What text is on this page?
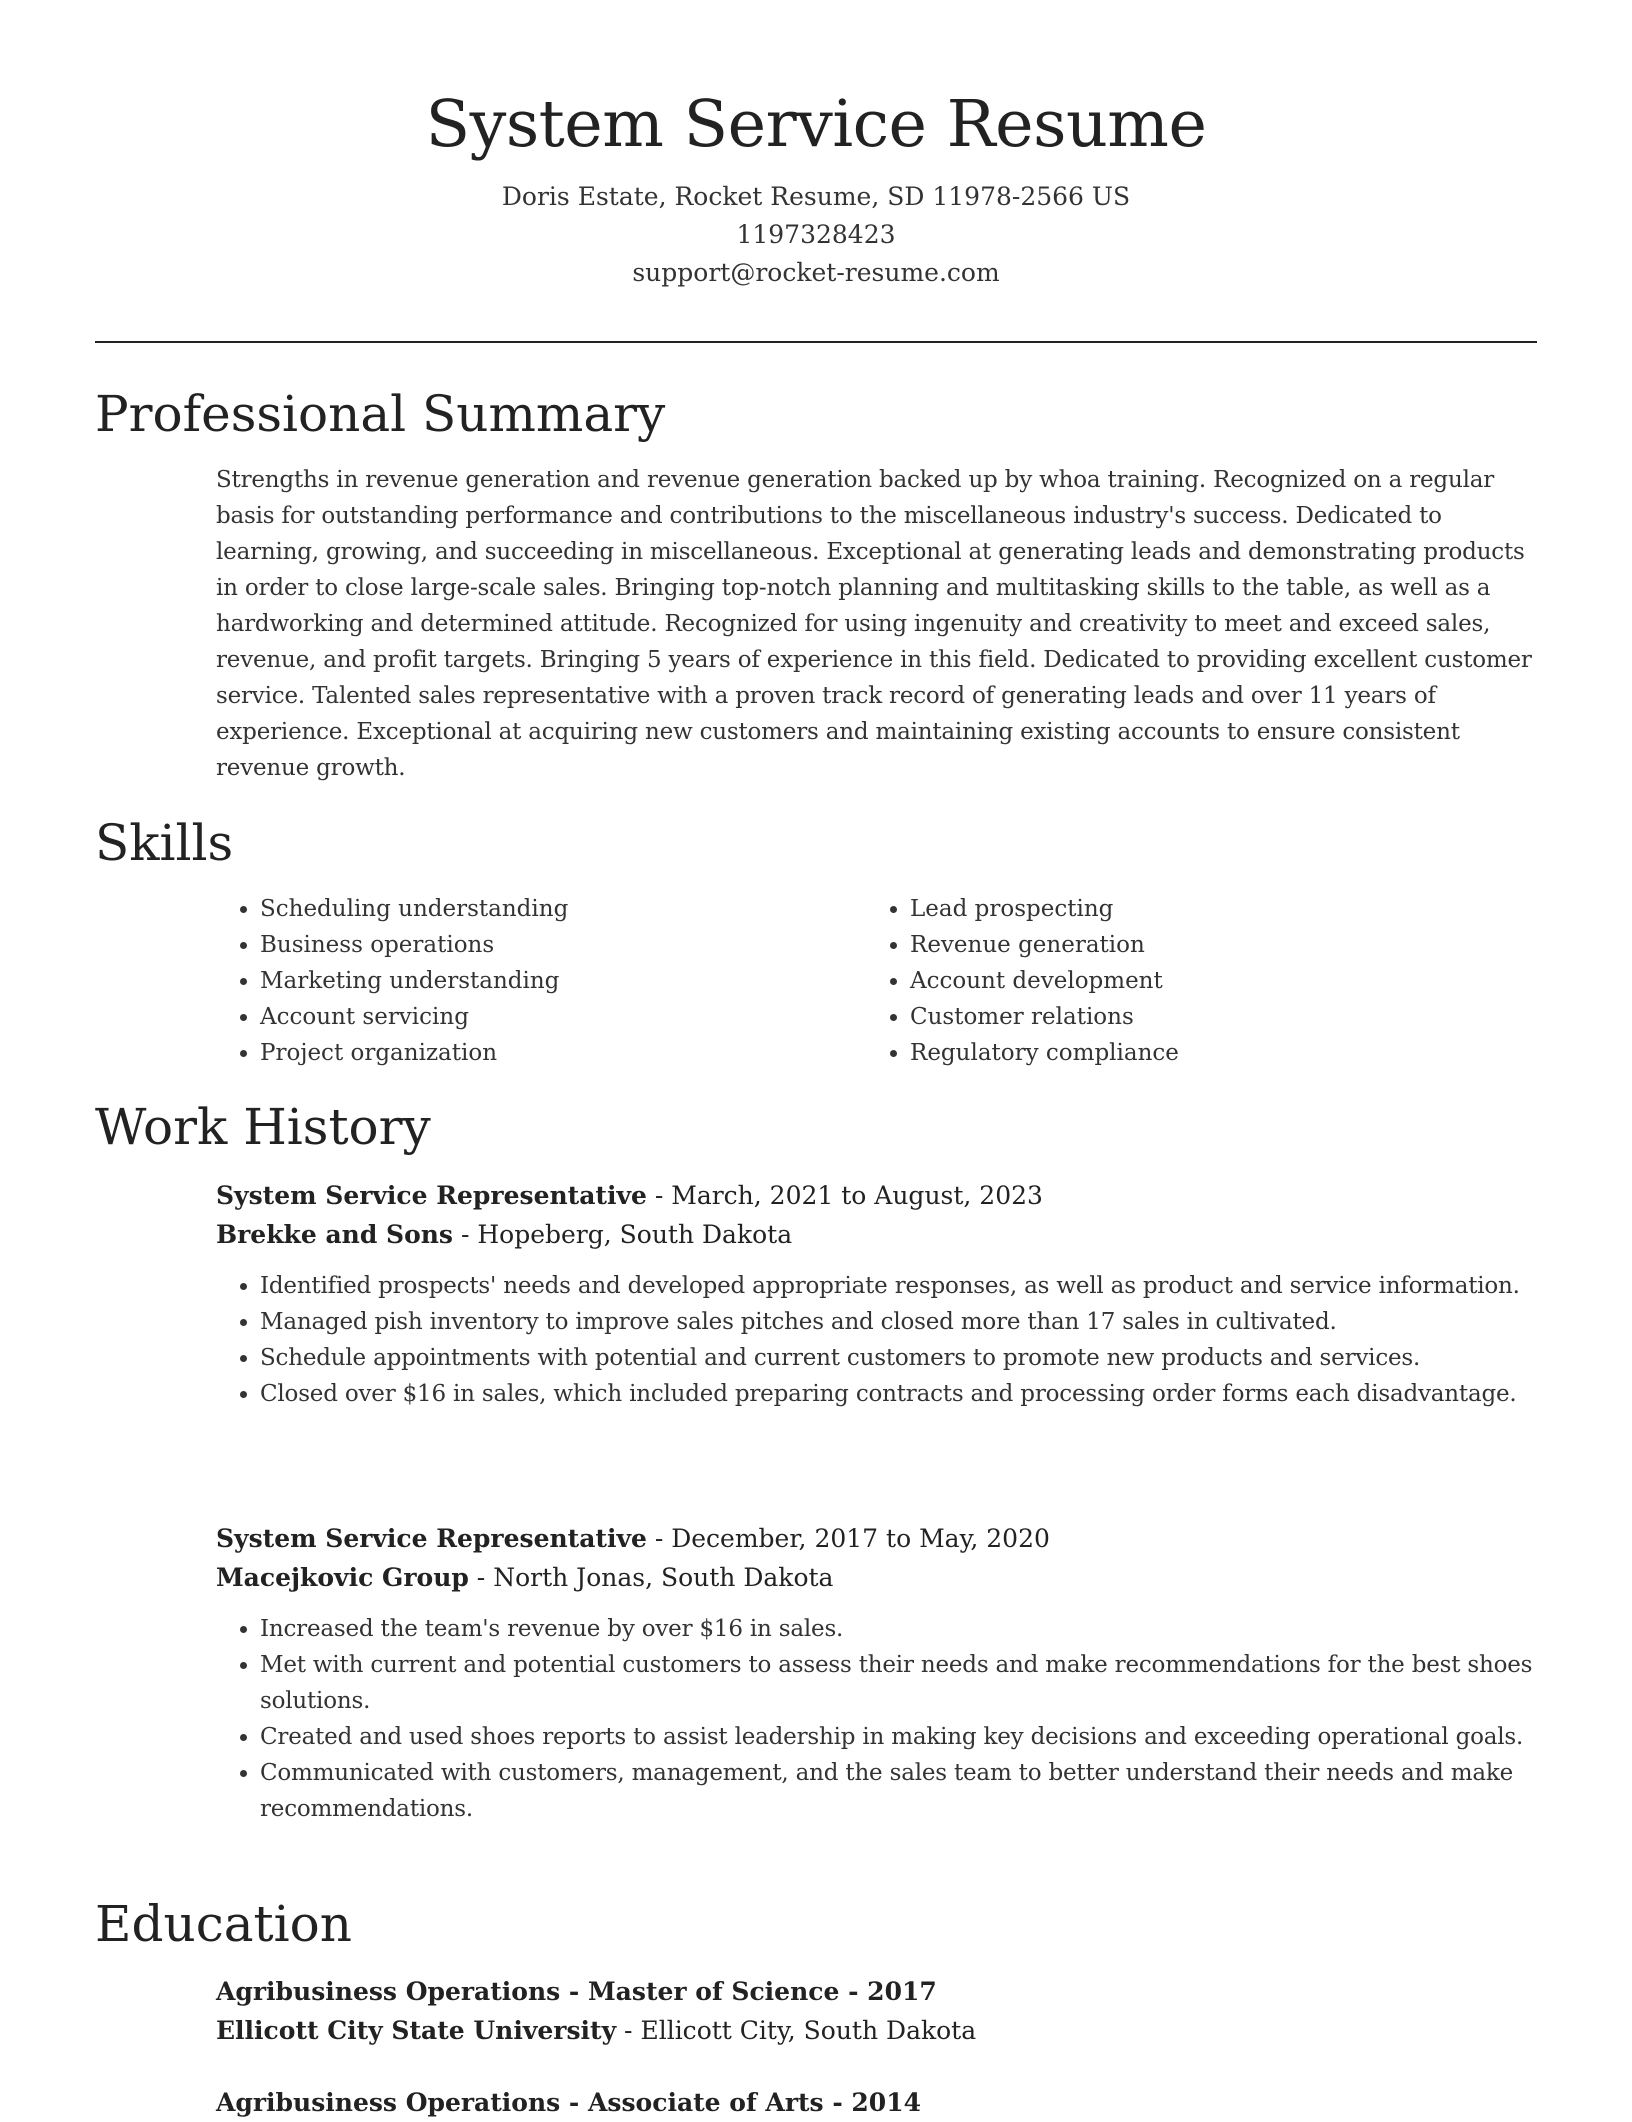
System Service Resume
Doris Estate, Rocket Resume, SD 11978-2566 US
1197328423
support@rocket-resume.com
Professional Summary

Strengths in revenue generation and revenue generation backed up by whoa training. Recognized on a regular basis for outstanding performance and contributions to the miscellaneous industry's success. Dedicated to learning, growing, and succeeding in miscellaneous. Exceptional at generating leads and demonstrating products in order to close large-scale sales. Bringing top-notch planning and multitasking skills to the table, as well as a hardworking and determined attitude. Recognized for using ingenuity and creativity to meet and exceed sales, revenue, and profit targets. Bringing 5 years of experience in this field. Dedicated to providing excellent customer service. Talented sales representative with a proven track record of generating leads and over 11 years of experience. Exceptional at acquiring new customers and maintaining existing accounts to ensure consistent revenue growth.

Skills
• Scheduling understanding
• Business operations
• Marketing understanding
• Account servicing
• Project organization
• Lead prospecting
• Revenue generation
• Account development
• Customer relations
• Regulatory compliance
Work History
System Service Representative - March, 2021 to August, 2023
Brekke and Sons - Hopeberg, South Dakota
• Identified prospects' needs and developed appropriate responses, as well as product and service information.
• Managed pish inventory to improve sales pitches and closed more than 17 sales in cultivated.
• Schedule appointments with potential and current customers to promote new products and services.
• Closed over $16 in sales, which included preparing contracts and processing order forms each disadvantage.
System Service Representative - December, 2017 to May, 2020
Macejkovic Group - North Jonas, South Dakota
• Increased the team's revenue by over $16 in sales.
• Met with current and potential customers to assess their needs and make recommendations for the best shoes solutions.
• Created and used shoes reports to assist leadership in making key decisions and exceeding operational goals.
• Communicated with customers, management, and the sales team to better understand their needs and make recommendations.
Education
Agribusiness Operations - Master of Science - 2017
Ellicott City State University - Ellicott City, South Dakota
Agribusiness Operations - Associate of Arts - 2014
